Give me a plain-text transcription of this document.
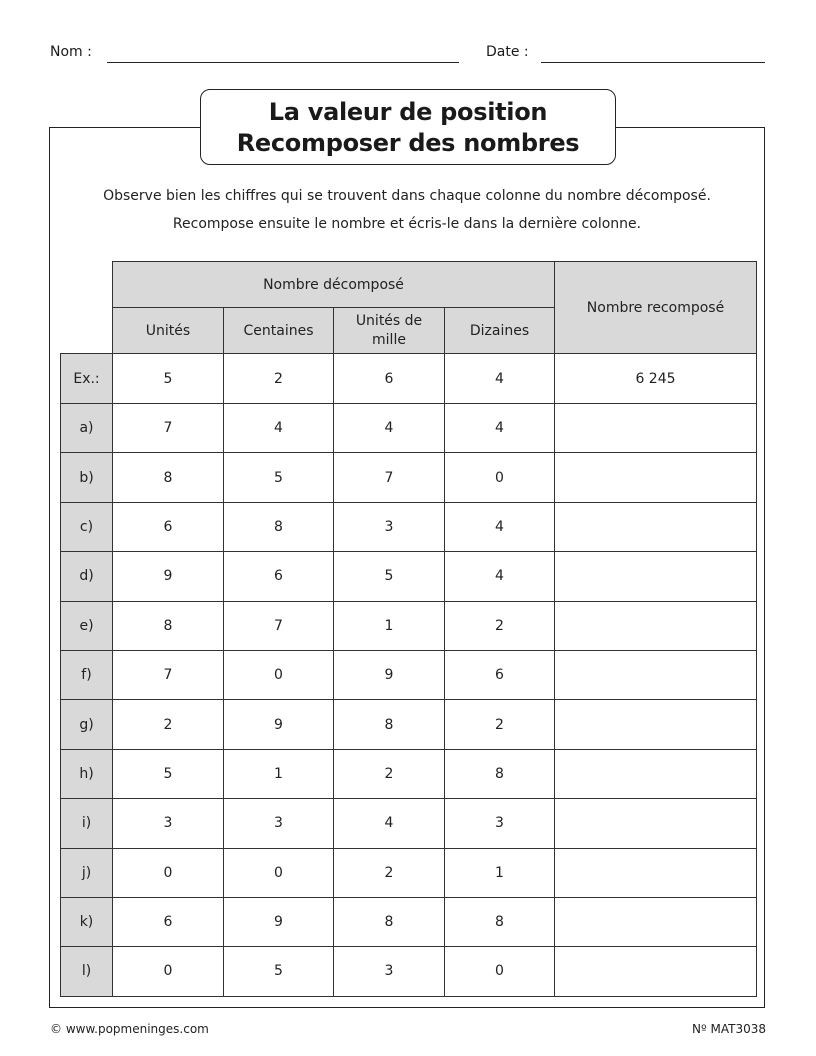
Nom :	Date :
La valeur de position
Recomposer des nombres
Observe bien les chiffres qui se trouvent dans chaque colonne du nombre décomposé.
Recompose ensuite le nombre et écris-le dans la dernière colonne.
	Nombre décomposé				Nombre recomposé
	Unités	Centaines	Unités de mille	Dizaines	
Ex.:	5	2	6	4	6 245
a)	7	4	4	4	
b)	8	5	7	0	
c)	6	8	3	4	
d)	9	6	5	4	
e)	8	7	1	2	
f)	7	0	9	6	
g)	2	9	8	2	
h)	5	1	2	8	
i)	3	3	4	3	
j)	0	0	2	1	
k)	6	9	8	8	
l)	0	5	3	0	
© www.popmeninges.com	Nº MAT3038
